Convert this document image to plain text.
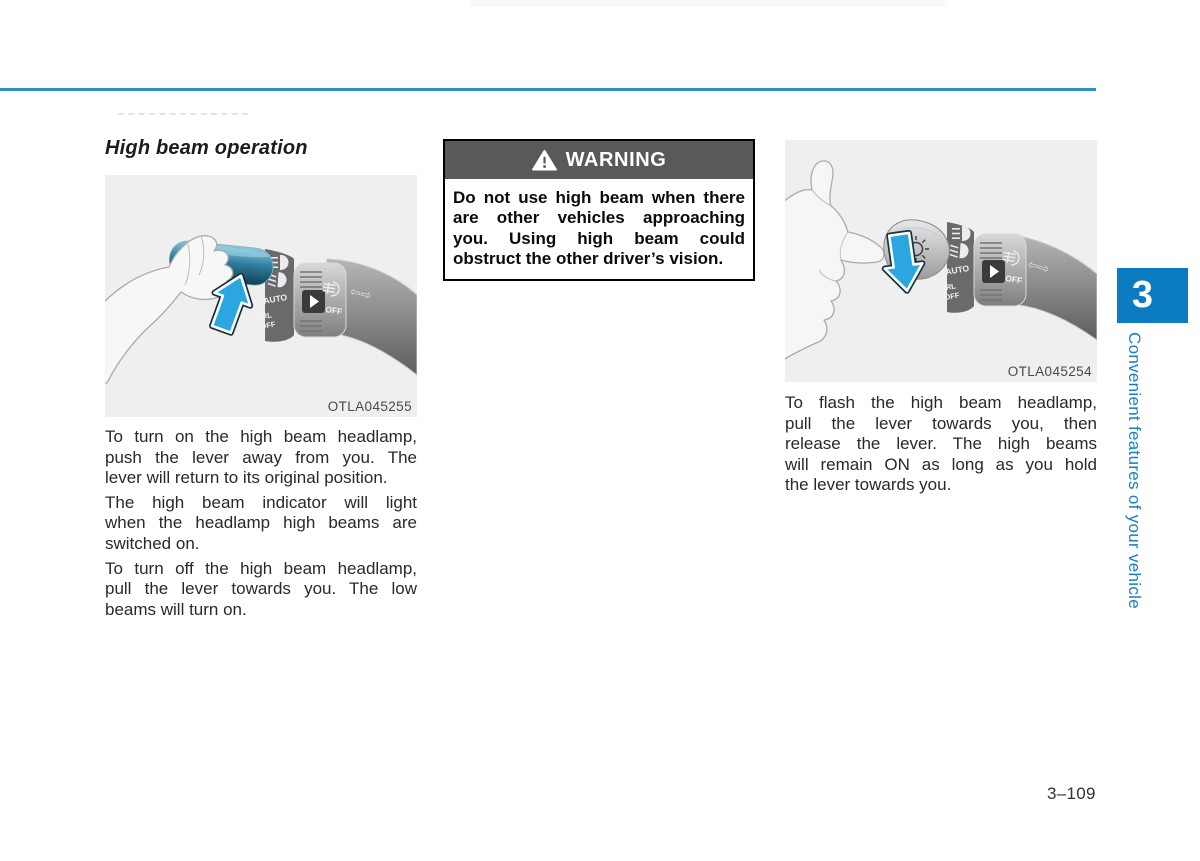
High beam operation
⇦⇨
OFF
AUTO
DRL
OFF
OTLA045255
To turn on the high beam headlamp,
push the lever away from you. The
lever will return to its original position.
The high beam indicator will light
when the headlamp high beams are
switched on.
To turn off the high beam headlamp,
pull the lever towards you. The low
beams will turn on.
WARNING
Do not use high beam when there
are other vehicles approaching
you. Using high beam could
obstruct the other driver’s vision.	⇦⇨
OFF
AUTO
DRL
OFF
OTLA045254
To flash the high beam headlamp,
pull the lever towards you, then
release the lever. The high beams
will remain ON as long as you hold
the lever towards you.
3
Convenient features of your vehicle
3–109
